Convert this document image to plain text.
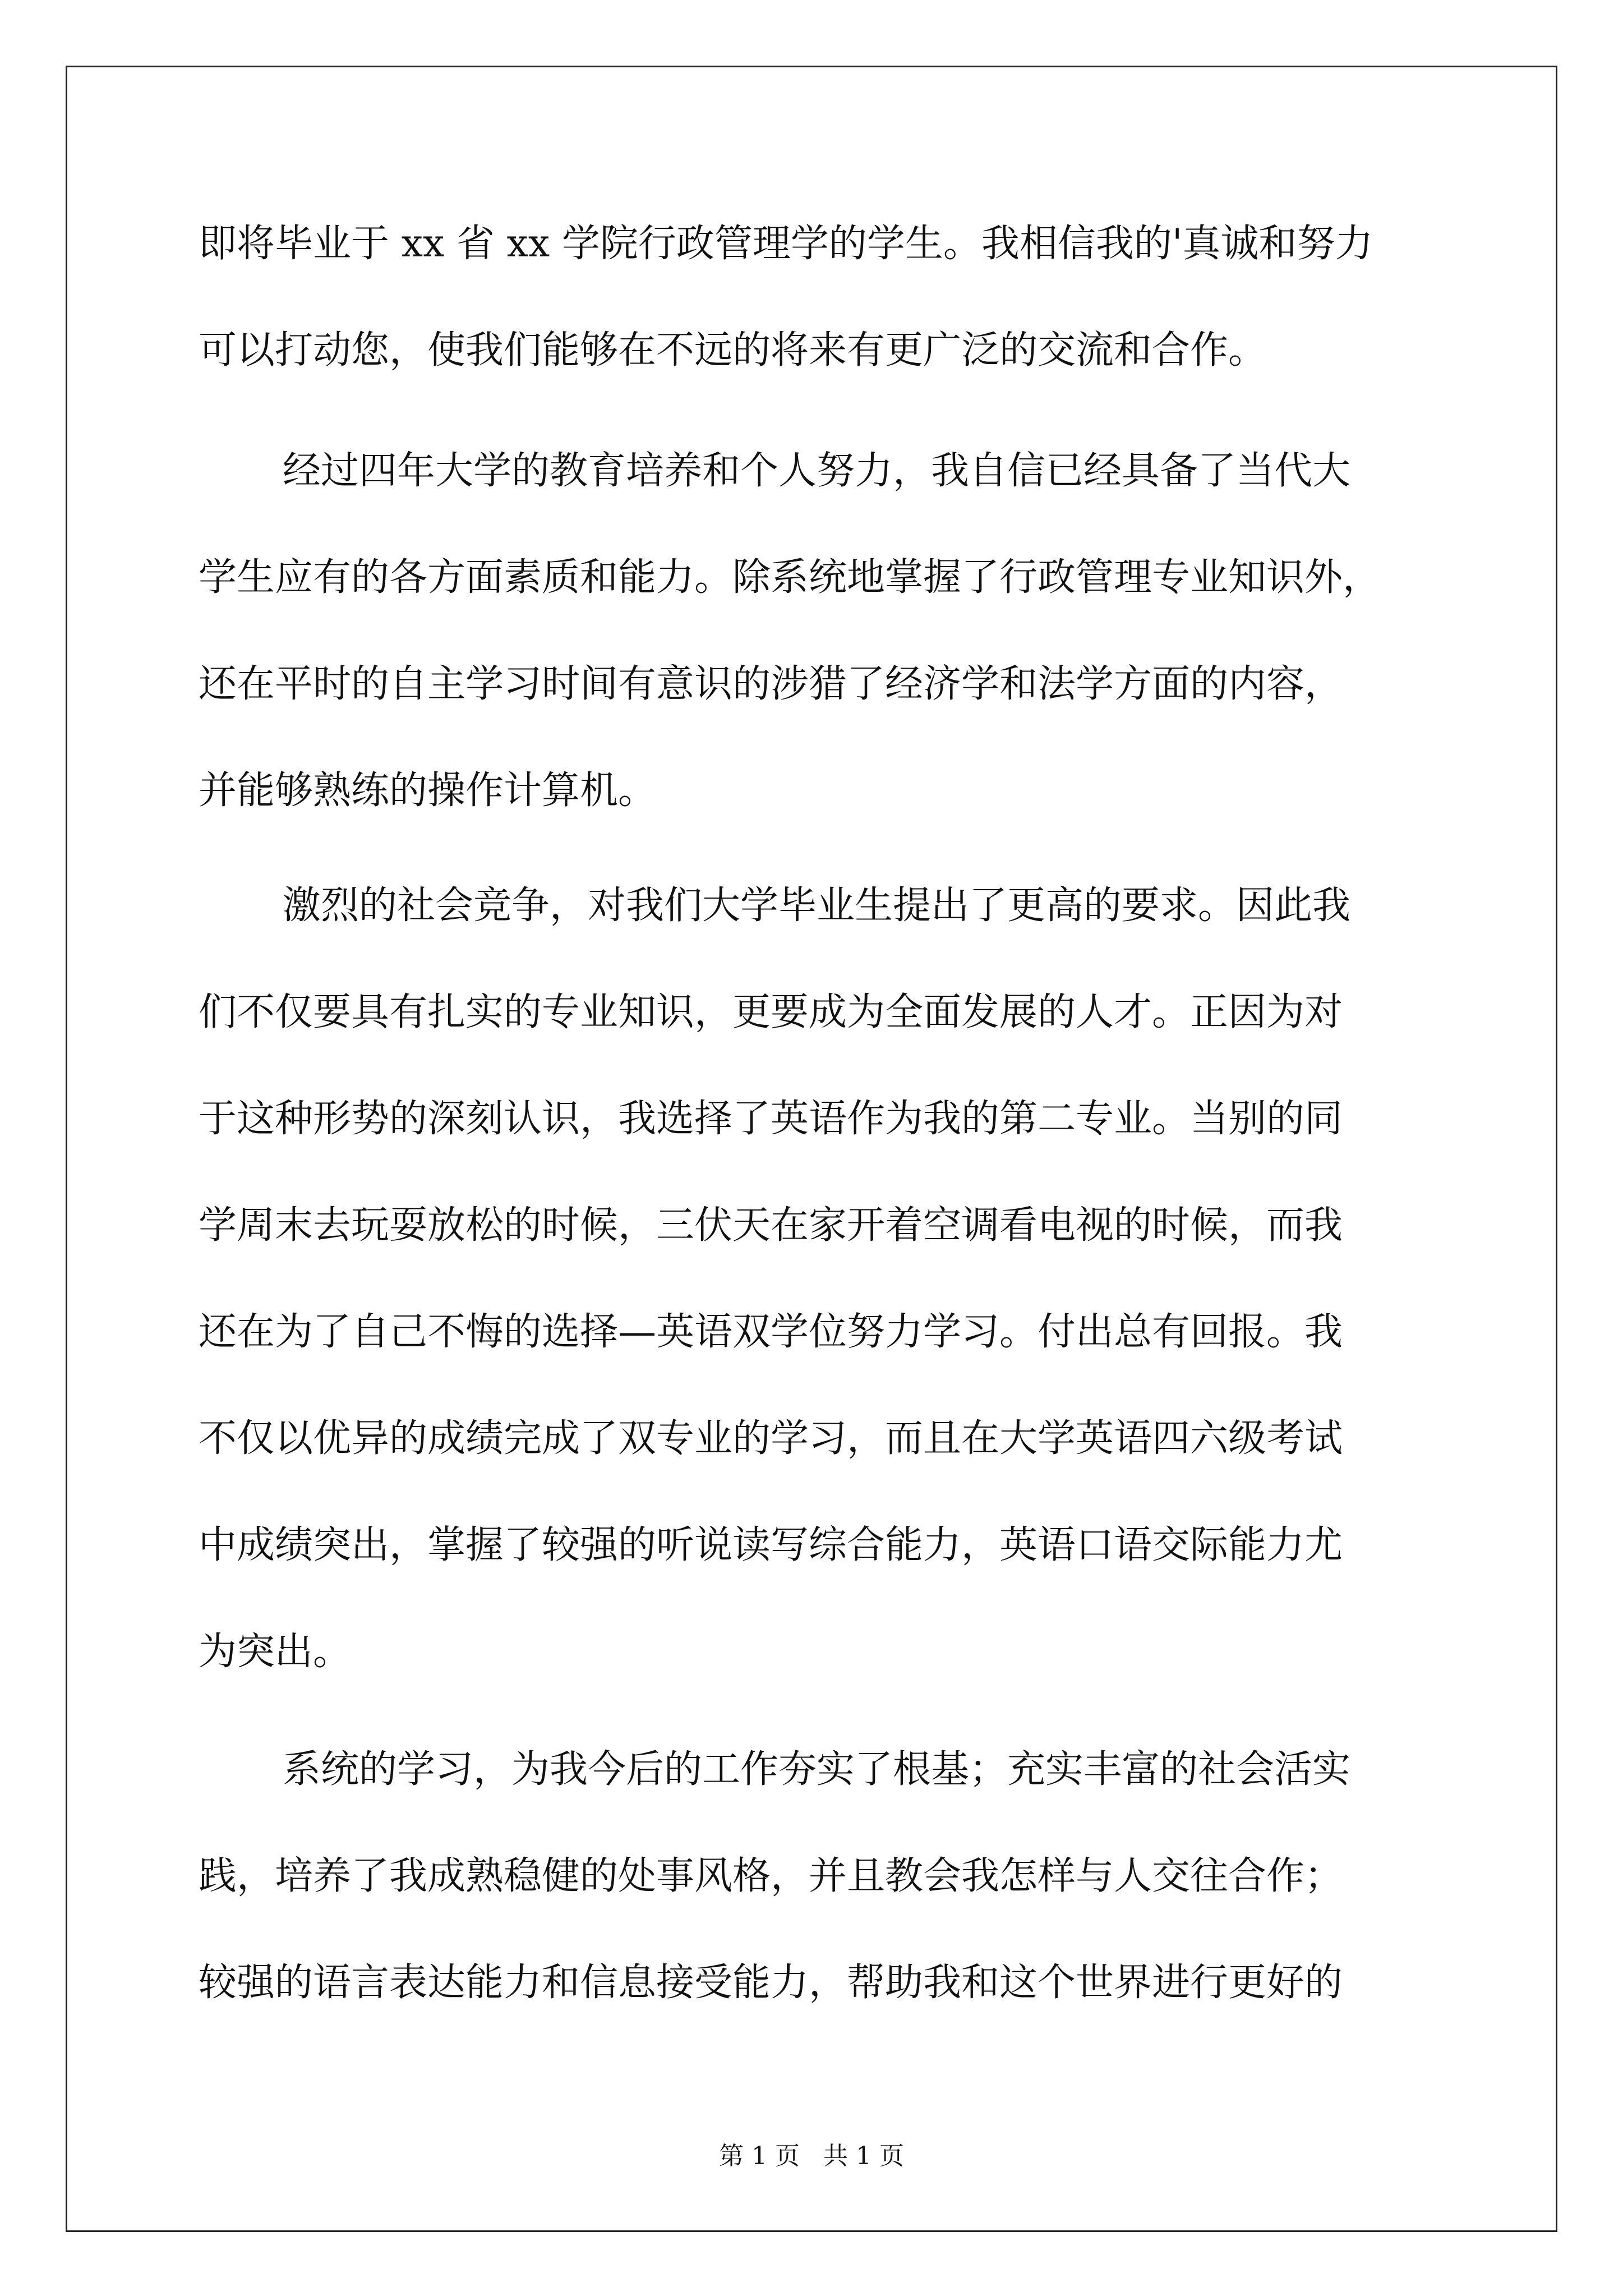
即将毕业于 xx 省 xx 学院行政管理学的学生。我相信我的'真诚和努力
可以打动您，使我们能够在不远的将来有更广泛的交流和合作。
经过四年大学的教育培养和个人努力，我自信已经具备了当代大
学生应有的各方面素质和能力。除系统地掌握了行政管理专业知识外，
还在平时的自主学习时间有意识的涉猎了经济学和法学方面的内容，
并能够熟练的操作计算机。
激烈的社会竞争，对我们大学毕业生提出了更高的要求。因此我
们不仅要具有扎实的专业知识，更要成为全面发展的人才。正因为对
于这种形势的深刻认识，我选择了英语作为我的第二专业。当别的同
学周末去玩耍放松的时候，三伏天在家开着空调看电视的时候，而我
还在为了自己不悔的选择—英语双学位努力学习。付出总有回报。我
不仅以优异的成绩完成了双专业的学习，而且在大学英语四六级考试
中成绩突出，掌握了较强的听说读写综合能力，英语口语交际能力尤
为突出。
系统的学习，为我今后的工作夯实了根基；充实丰富的社会活实
践，培养了我成熟稳健的处事风格，并且教会我怎样与人交往合作；
较强的语言表达能力和信息接受能力，帮助我和这个世界进行更好的
第 1 页   共 1 页
